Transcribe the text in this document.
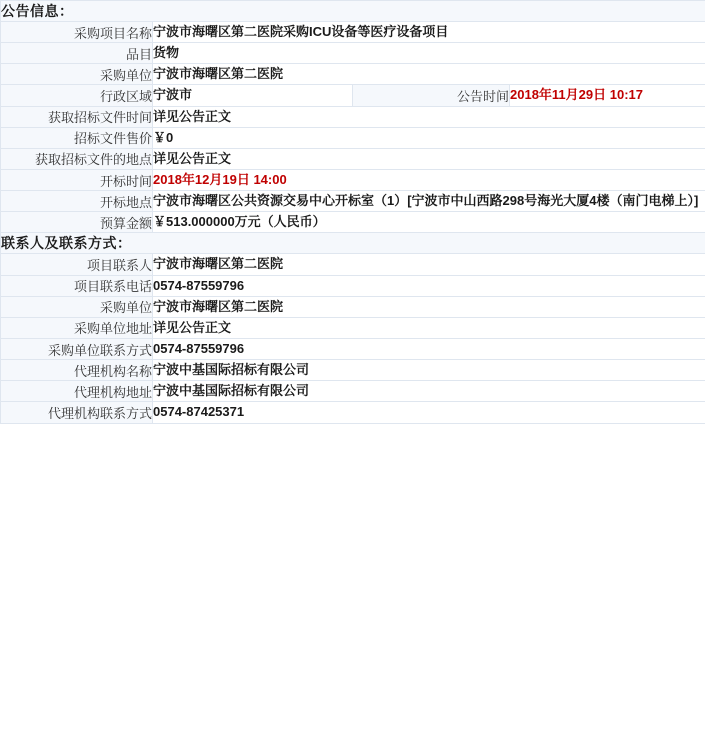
公告信息：			
采购项目名称	宁波市海曙区第二医院采购ICU设备等医疗设备项目		
品目	货物		
采购单位	宁波市海曙区第二医院		
行政区域	宁波市	公告时间	2018年11月29日 10:17
获取招标文件时间	详见公告正文		
招标文件售价	￥0		
获取招标文件的地点	详见公告正文		
开标时间	2018年12月19日 14:00		
开标地点	宁波市海曙区公共资源交易中心开标室（1）[宁波市中山西路298号海光大厦4楼（南门电梯上）]		
预算金额	￥513.000000万元（人民币）		
联系人及联系方式：			
项目联系人	宁波市海曙区第二医院		
项目联系电话	0574-87559796		
采购单位	宁波市海曙区第二医院		
采购单位地址	详见公告正文		
采购单位联系方式	0574-87559796		
代理机构名称	宁波中基国际招标有限公司		
代理机构地址	宁波中基国际招标有限公司		
代理机构联系方式	0574-87425371		
